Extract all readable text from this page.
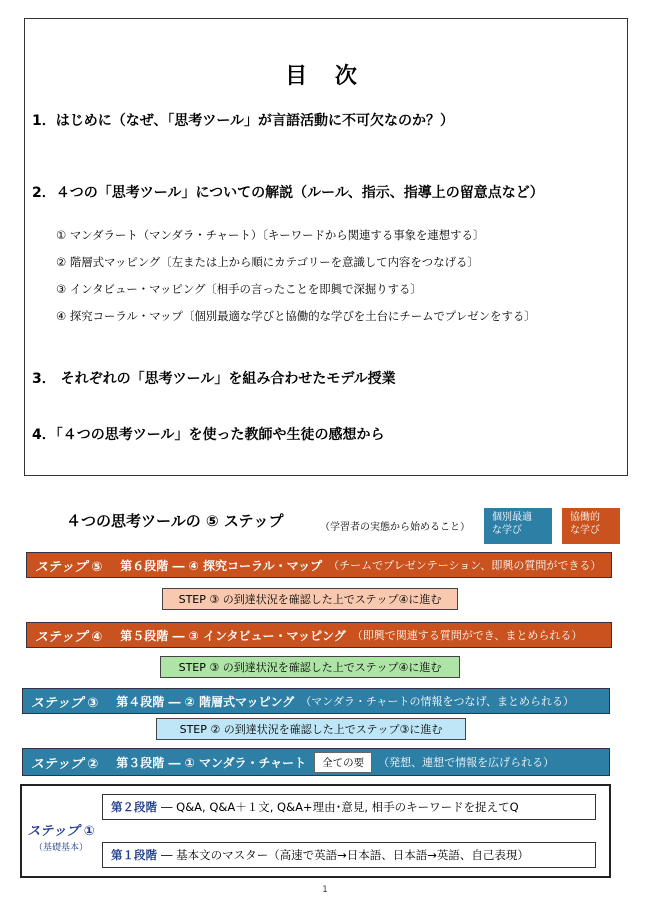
目 次
1．はじめに（なぜ、「思考ツール」が言語活動に不可欠なのか？）
2．４つの「思考ツール」についての解説（ルール、指示、指導上の留意点など）
① マンダラート（マンダラ・チャート）〔キーワードから関連する事象を連想する〕
② 階層式マッピング〔左または上から順にカテゴリーを意識して内容をつなげる〕
③ インタビュー・マッピング〔相手の言ったことを即興で深掘りする〕
④ 探究コーラル・マップ〔個別最適な学びと協働的な学びを土台にチームでプレゼンをする〕
3． それぞれの「思考ツール」を組み合わせたモデル授業
4．「４つの思考ツール」を使った教師や生徒の感想から
４つの思考ツールの ⑤ ステップ	（学習者の実態から始めること）
個別最適
な学び
協働的
な学び
ステップ ⑤ 第６段階 ― ④ 探究コーラル・マップ （チームでプレゼンテーション、即興の質問ができる）
STEP ③ の到達状況を確認した上でステップ④に進む
ステップ ④ 第５段階 ― ③ インタビュー・マッピング （即興で関連する質問ができ、まとめられる）
STEP ③ の到達状況を確認した上でステップ④に進む
ステップ ③ 第４段階 ― ② 階層式マッピング （マンダラ・チャートの情報をつなげ、まとめられる）
STEP ② の到達状況を確認した上でステップ③に進む
ステップ ② 第３段階 ― ① マンダラ・チャート	全ての要	（発想、連想で情報を広げられる）
ステップ ①
（基礎基本）
第２段階 ― Q&A, Q&A＋１文, Q&A+理由･意見, 相手のキーワードを捉えてQ
第１段階 ― 基本文のマスター（高速で英語→日本語、日本語→英語、自己表現）
1
